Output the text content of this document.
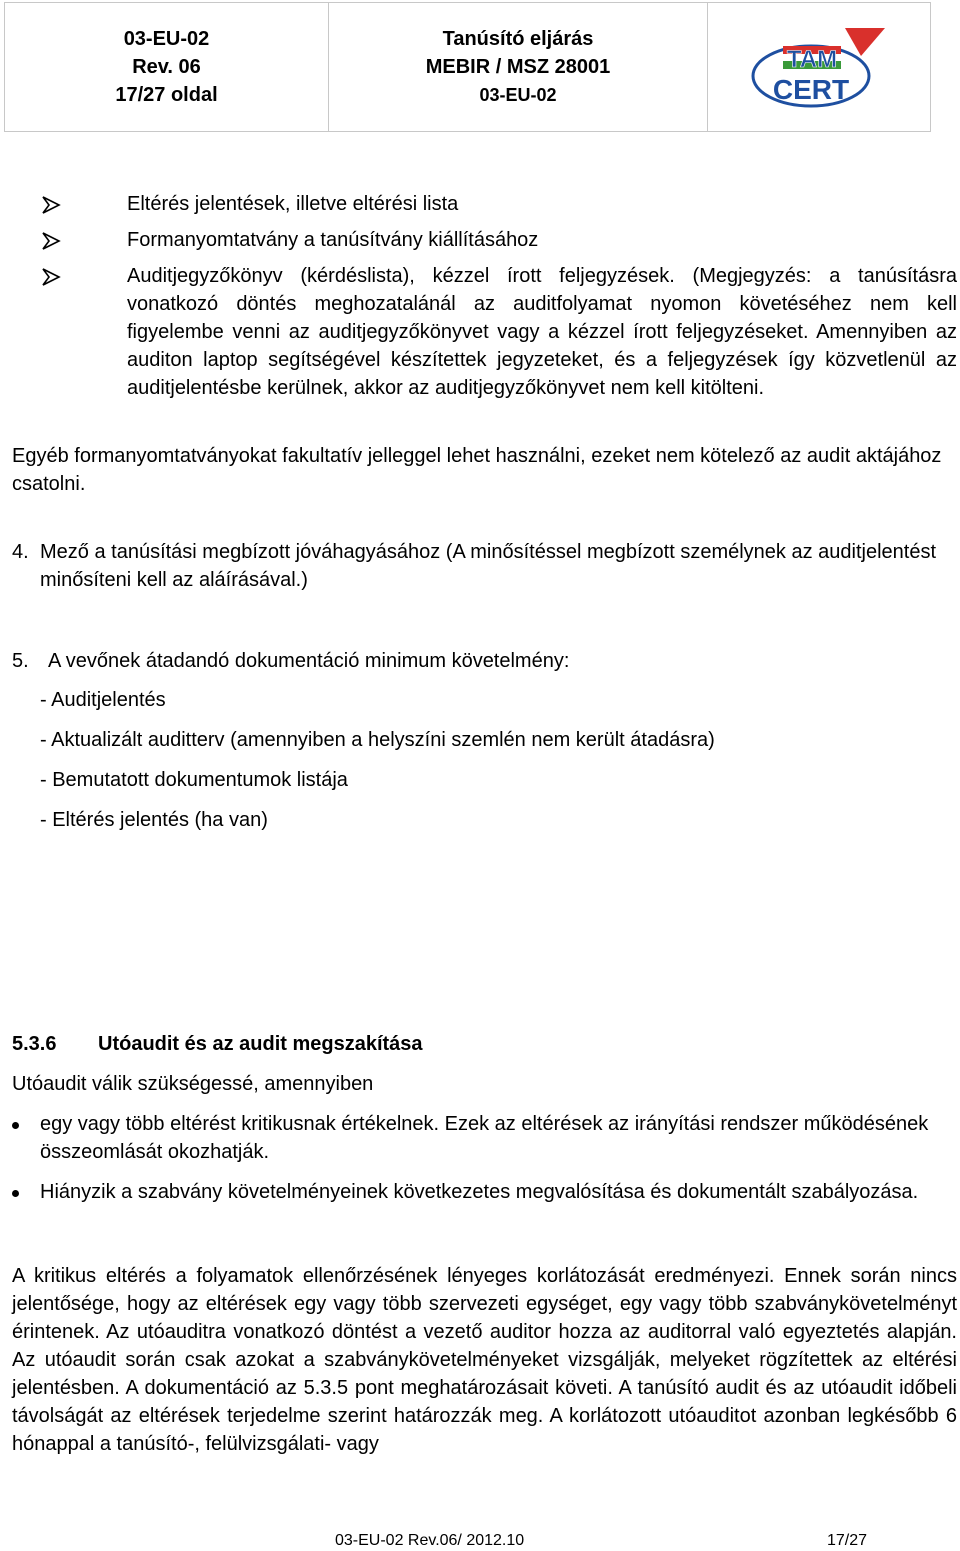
03-EU-02
Rev. 06
17/27 oldal
Tanúsító eljárás
MEBIR / MSZ 28001
03-EU-02
TAM
CERT
Eltérés jelentések, illetve eltérési lista
Formanyomtatvány a tanúsítvány kiállításához
Auditjegyzőkönyv (kérdéslista), kézzel írott feljegyzések. (Megjegyzés: a tanúsításra vonatkozó döntés meghozatalánál az auditfolyamat nyomon követéséhez nem kell figyelembe venni az auditjegyzőkönyvet vagy a kézzel írott feljegyzéseket. Amennyiben az auditon laptop segítségével készítettek jegyzeteket, és a feljegyzések így közvetlenül az auditjelentésbe kerülnek, akkor az auditjegyzőkönyvet nem kell kitölteni.
Egyéb formanyomtatványokat fakultatív jelleggel lehet használni, ezeket nem kötelező az audit aktájához csatolni.
4. Mező a tanúsítási megbízott jóváhagyásához (A minősítéssel megbízott személynek az auditjelentést minősíteni kell az aláírásával.)
5. A vevőnek átadandó dokumentáció minimum követelmény:
- Auditjelentés
- Aktualizált auditterv (amennyiben a helyszíni szemlén nem került átadásra)
- Bemutatott dokumentumok listája
- Eltérés jelentés (ha van)
5.3.6 Utóaudit és az audit megszakítása
Utóaudit válik szükségessé, amennyiben
egy vagy több eltérést kritikusnak értékelnek. Ezek az eltérések az irányítási rendszer működésének összeomlását okozhatják.
Hiányzik a szabvány követelményeinek következetes megvalósítása és dokumentált szabályozása.
A kritikus eltérés a folyamatok ellenőrzésének lényeges korlátozását eredményezi. Ennek során nincs jelentősége, hogy az eltérések egy vagy több szervezeti egységet, egy vagy több szabványkövetelményt érintenek. Az utóauditra vonatkozó döntést a vezető auditor hozza az auditorral való egyeztetés alapján. Az utóaudit során csak azokat a szabványkövetelményeket vizsgálják, melyeket rögzítettek az eltérési jelentésben. A dokumentáció az 5.3.5 pont meghatározásait követi. A tanúsító audit és az utóaudit időbeli távolságát az eltérések terjedelme szerint határozzák meg. A korlátozott utóauditot azonban legkésőbb 6 hónappal a tanúsító-, felülvizsgálati- vagy
03-EU-02 Rev.06/ 2012.10	17/27
